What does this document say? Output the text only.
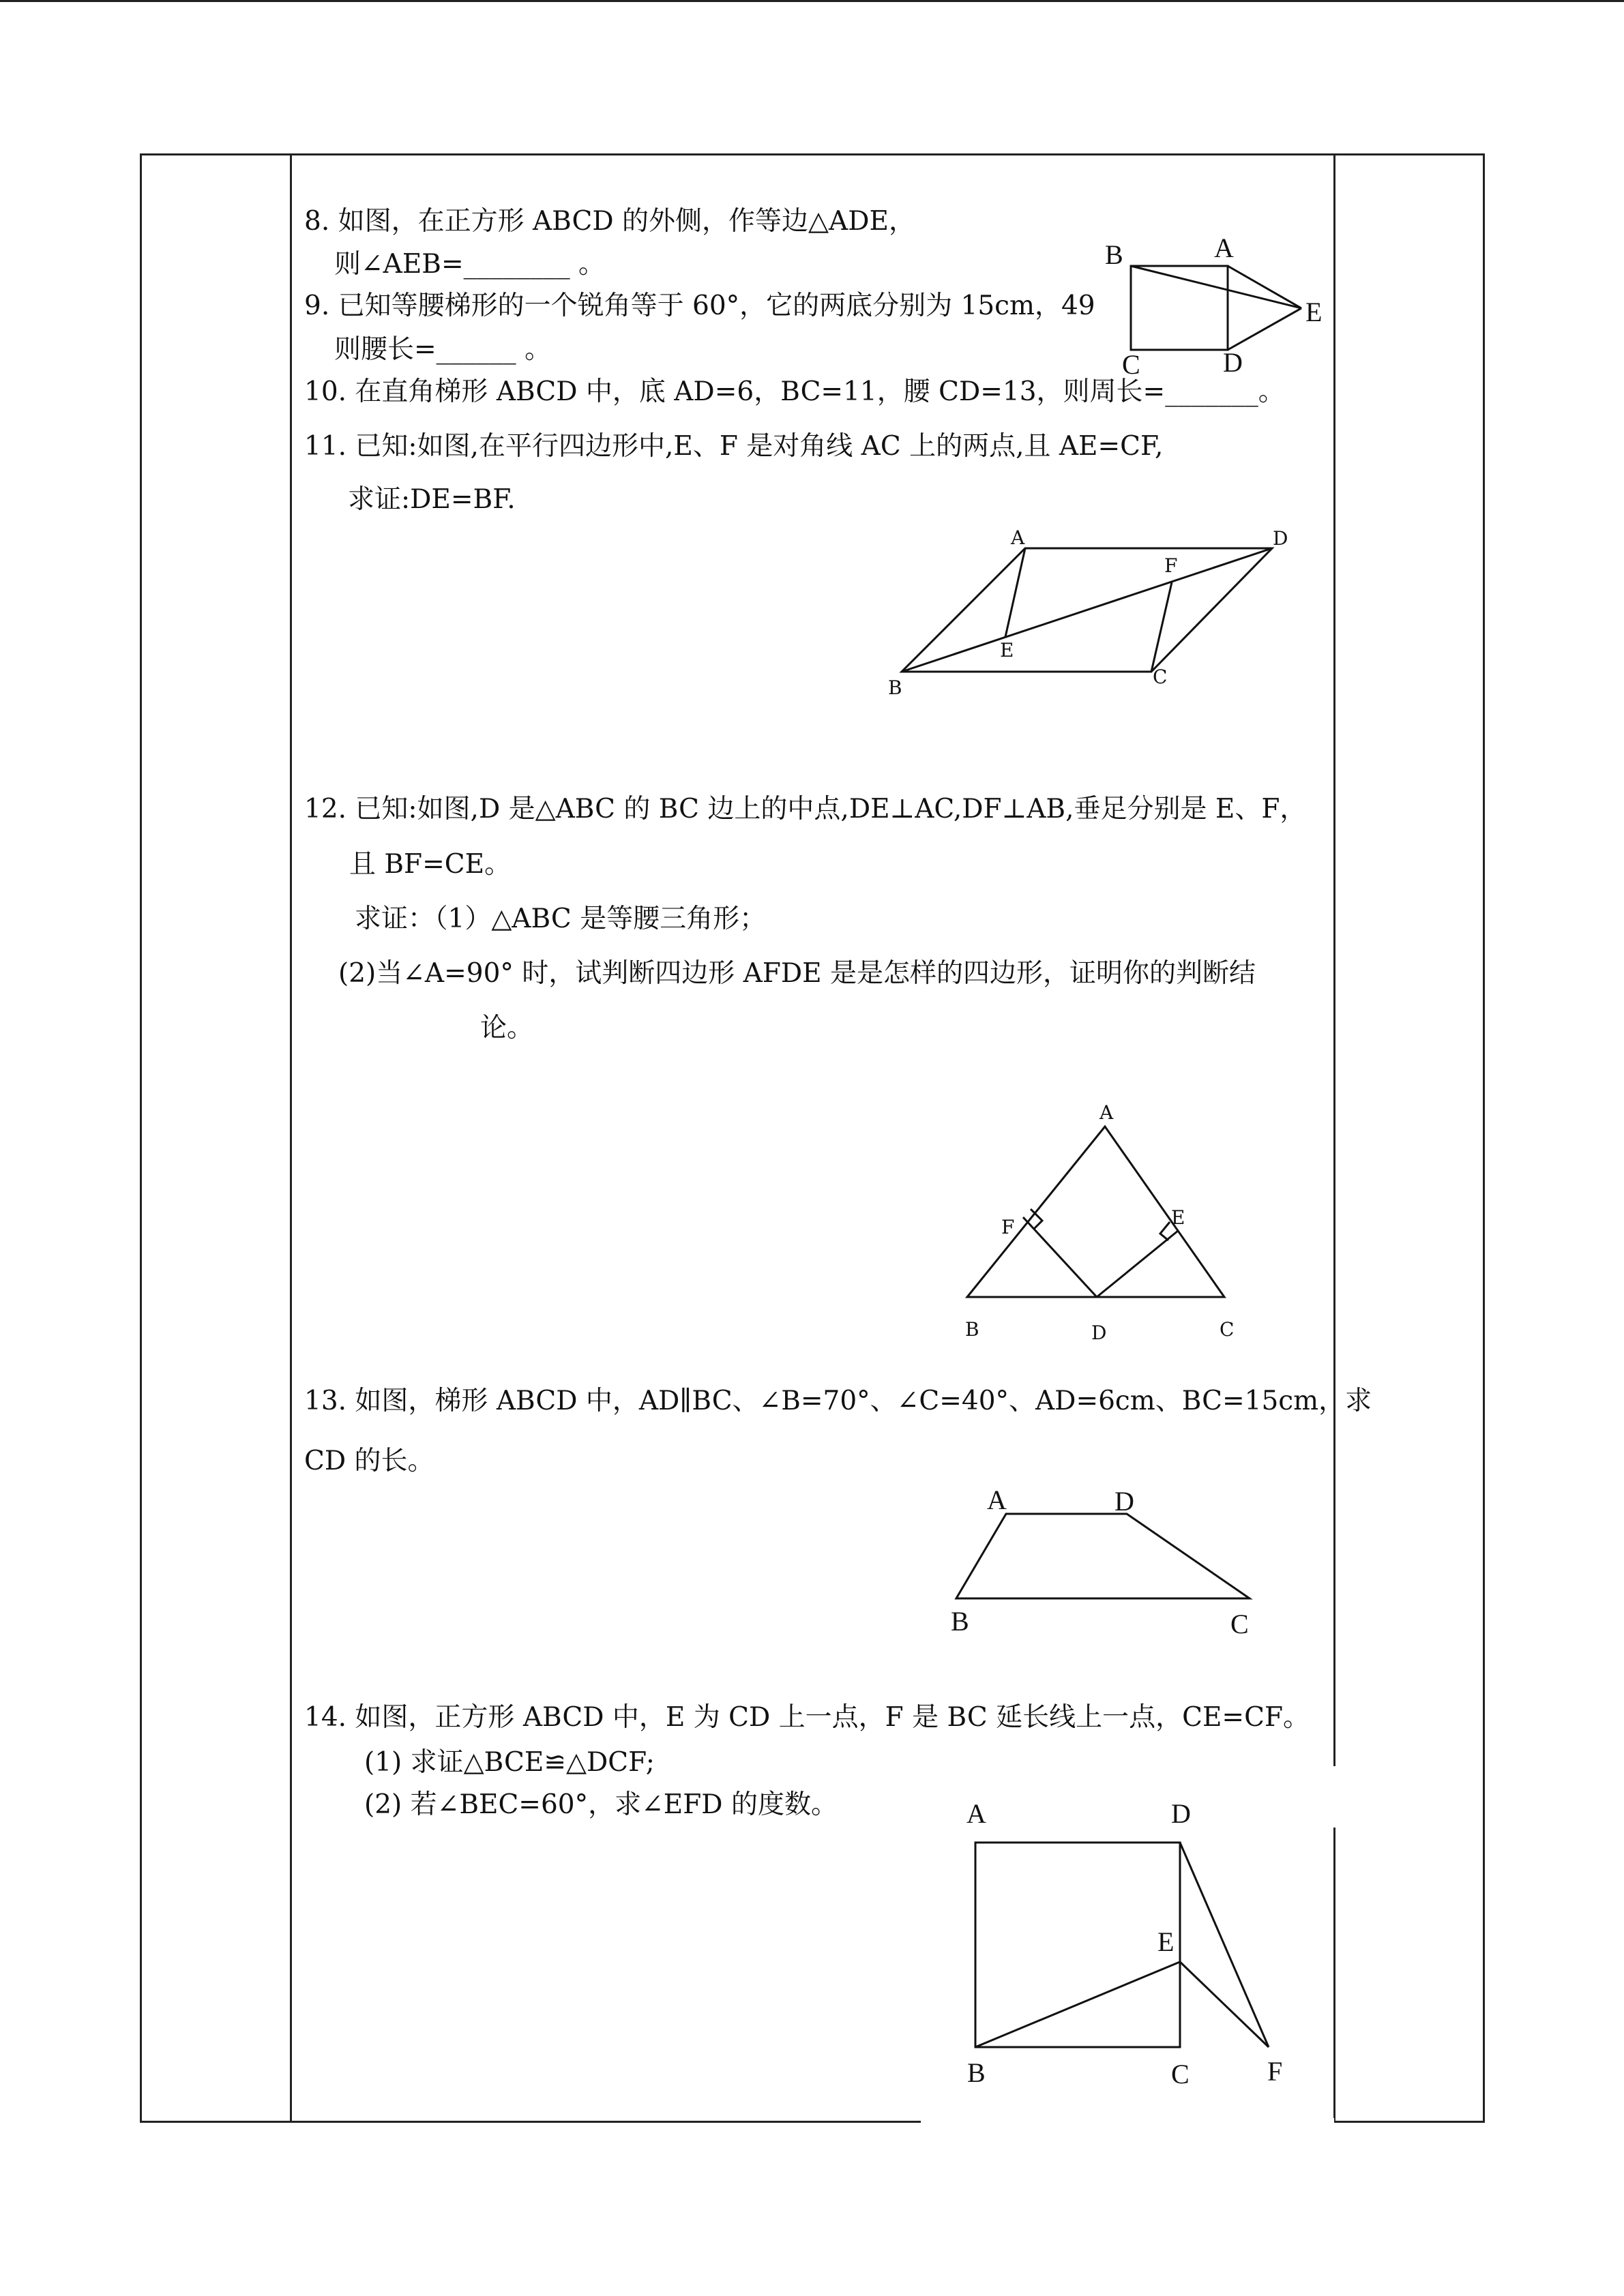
8. 如图，在正方形 ABCD 的外侧，作等边△ADE，
则∠AEB=________ 。
9. 已知等腰梯形的一个锐角等于 60°，它的两底分别为 15cm，49
则腰长=______ 。
B	A
E
C	D
10. 在直角梯形 ABCD 中，底 AD=6，BC=11，腰 CD=13，则周长=_______。
11. 已知:如图,在平行四边形中,E、F 是对角线 AC 上的两点,且 AE=CF,
求证:DE=BF.
A	D
F
E
B	C
12. 已知:如图,D 是△ABC 的 BC 边上的中点,DE⊥AC,DF⊥AB,垂足分别是 E、F，
且 BF=CE。
求证：（1）△ABC 是等腰三角形；
(2)当∠A=90° 时，试判断四边形 AFDE 是是怎样的四边形，证明你的判断结
论。
A
F	E
B	D	C
13. 如图，梯形 ABCD 中，AD∥BC、∠B=70°、∠C=40°、AD=6cm、BC=15cm，求
CD 的长。
A	D
B	C
14. 如图，正方形 ABCD 中，E 为 CD 上一点，F 是 BC 延长线上一点，CE=CF。
(1) 求证△BCE≌△DCF;
(2) 若∠BEC=60°，求∠EFD 的度数。	A	D
E
B	C	F
